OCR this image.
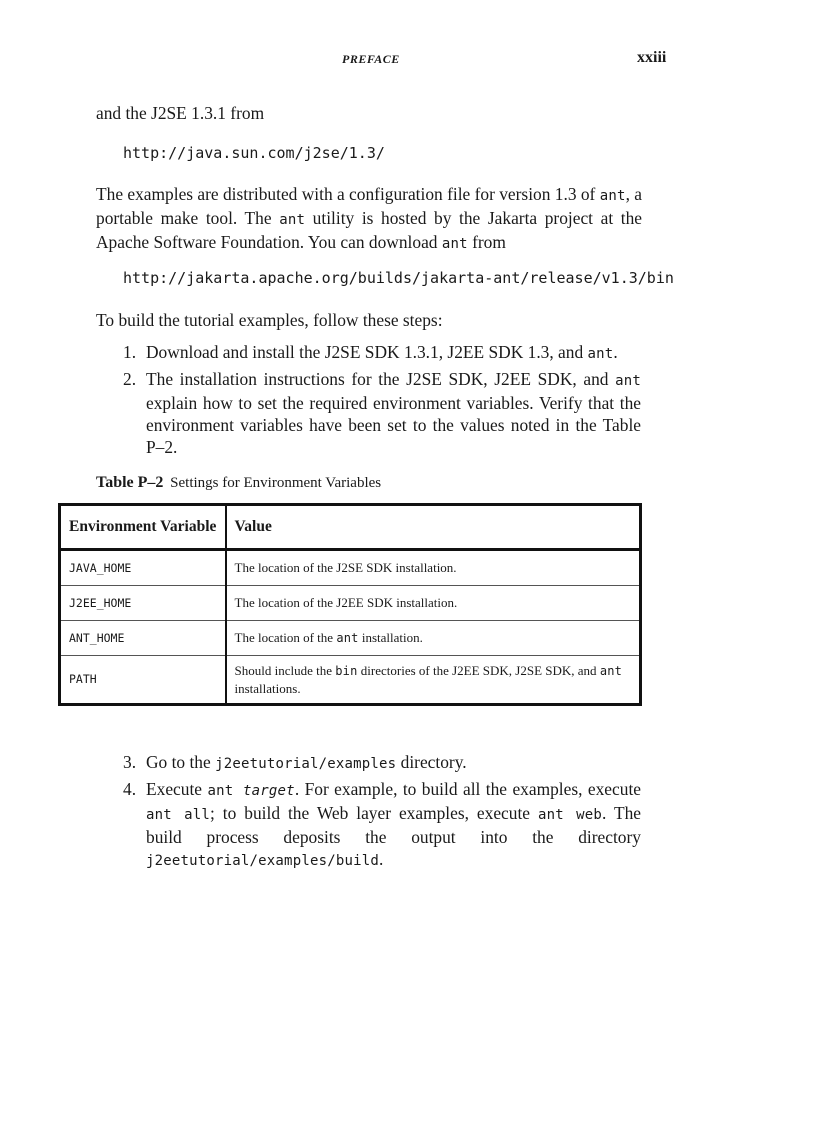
PREFACE	xxiii

and the J2SE 1.3.1 from

http://java.sun.com/j2se/1.3/

The examples are distributed with a configuration file for version 1.3 of ant, a portable make tool. The ant utility is hosted by the Jakarta project at the Apache Software Foundation. You can download ant from

http://jakarta.apache.org/builds/jakarta-ant/release/v1.3/bin

To build the tutorial examples, follow these steps:

1. Download and install the J2SE SDK 1.3.1, J2EE SDK 1.3, and ant.
2. The installation instructions for the J2SE SDK, J2EE SDK, and ant explain how to set the required environment variables. Verify that the environment variables have been set to the values noted in the Table P–2.

Table P–2 Settings for Environment Variables

Environment Variable	Value
JAVA_HOME	The location of the J2SE SDK installation.
J2EE_HOME	The location of the J2EE SDK installation.
ANT_HOME	The location of the ant installation.
PATH	Should include the bin directories of the J2EE SDK, J2SE SDK, and ant installations.
3. Go to the j2eetutorial/examples directory.
4. Execute ant target. For example, to build all the examples, execute ant all; to build the Web layer examples, execute ant web. The build process deposits the output into the directory j2eetutorial/examples/build.
